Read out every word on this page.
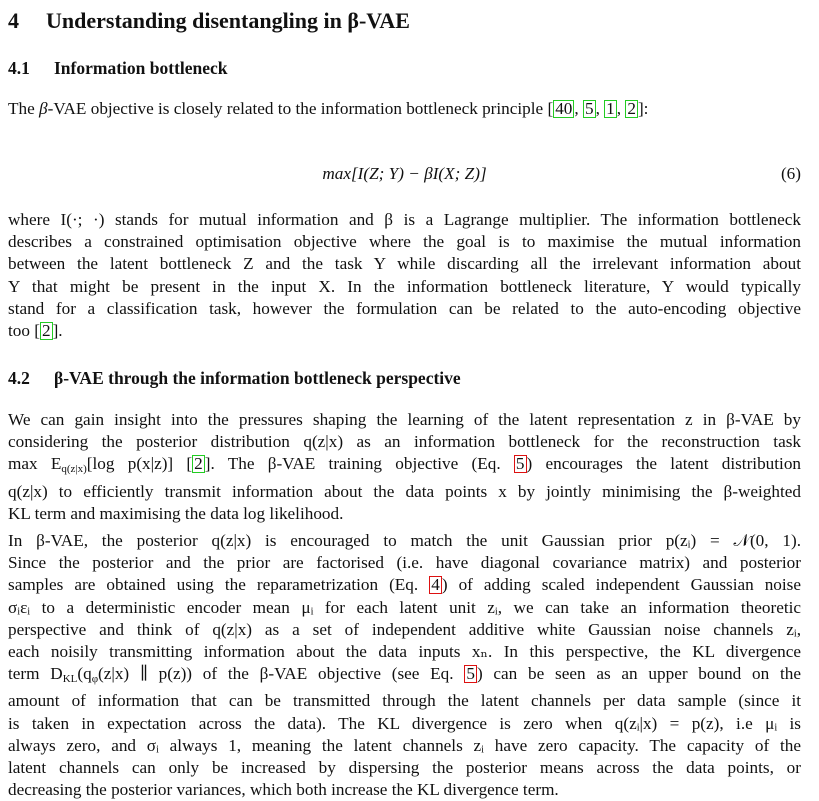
4 Understanding disentangling in β-VAE
4.1 Information bottleneck
The β-VAE objective is closely related to the information bottleneck principle [ 40 , 5 , 1 , 2 ]:
max[I(Z; Y) − βI(X; Z)]	(6)
where I(·; ·) stands for mutual information and β is a Lagrange multiplier. The information bottleneck
describes a constrained optimisation objective where the goal is to maximise the mutual information
between the latent bottleneck Z and the task Y while discarding all the irrelevant information about
Y that might be present in the input X. In the information bottleneck literature, Y would typically
stand for a classification task, however the formulation can be related to the auto-encoding objective
too [ 2 ].
4.2 β-VAE through the information bottleneck perspective
We can gain insight into the pressures shaping the learning of the latent representation z in β-VAE by
considering the posterior distribution q(z|x) as an information bottleneck for the reconstruction task
$\max E_{q(z|x)}[\log$ p(x|z)] [ 2 ]. The β-VAE training objective (Eq. 5 ) encourages the latent distribution
q(z|x) to efficiently transmit information about the data points x by jointly minimising the β-weighted
KL term and maximising the data log likelihood.
In β-VAE, the posterior q(z|x) is encouraged to match the unit Gaussian prior p(zᵢ) = 𝒩(0, 1).
Since the posterior and the prior are factorised (i.e. have diagonal covariance matrix) and posterior
samples are obtained using the reparametrization (Eq. 4 ) of adding scaled independent Gaussian noise
σᵢεᵢ to a deterministic encoder mean μᵢ for each latent unit zᵢ, we can take an information theoretic
perspective and think of q(z|x) as a set of independent additive white Gaussian noise channels zᵢ,
each noisily transmitting information about the data inputs xₙ. In this perspective, the KL divergence
term $D_{KL}(q_\varphi(z|x)$ ∥ p(z)) of the β-VAE objective (see Eq. 5 ) can be seen as an upper bound on the
amount of information that can be transmitted through the latent channels per data sample (since it
is taken in expectation across the data). The KL divergence is zero when q(zᵢ|x) = p(z), i.e μᵢ is
always zero, and σᵢ always 1, meaning the latent channels zᵢ have zero capacity. The capacity of the
latent channels can only be increased by dispersing the posterior means across the data points, or
decreasing the posterior variances, which both increase the KL divergence term.
